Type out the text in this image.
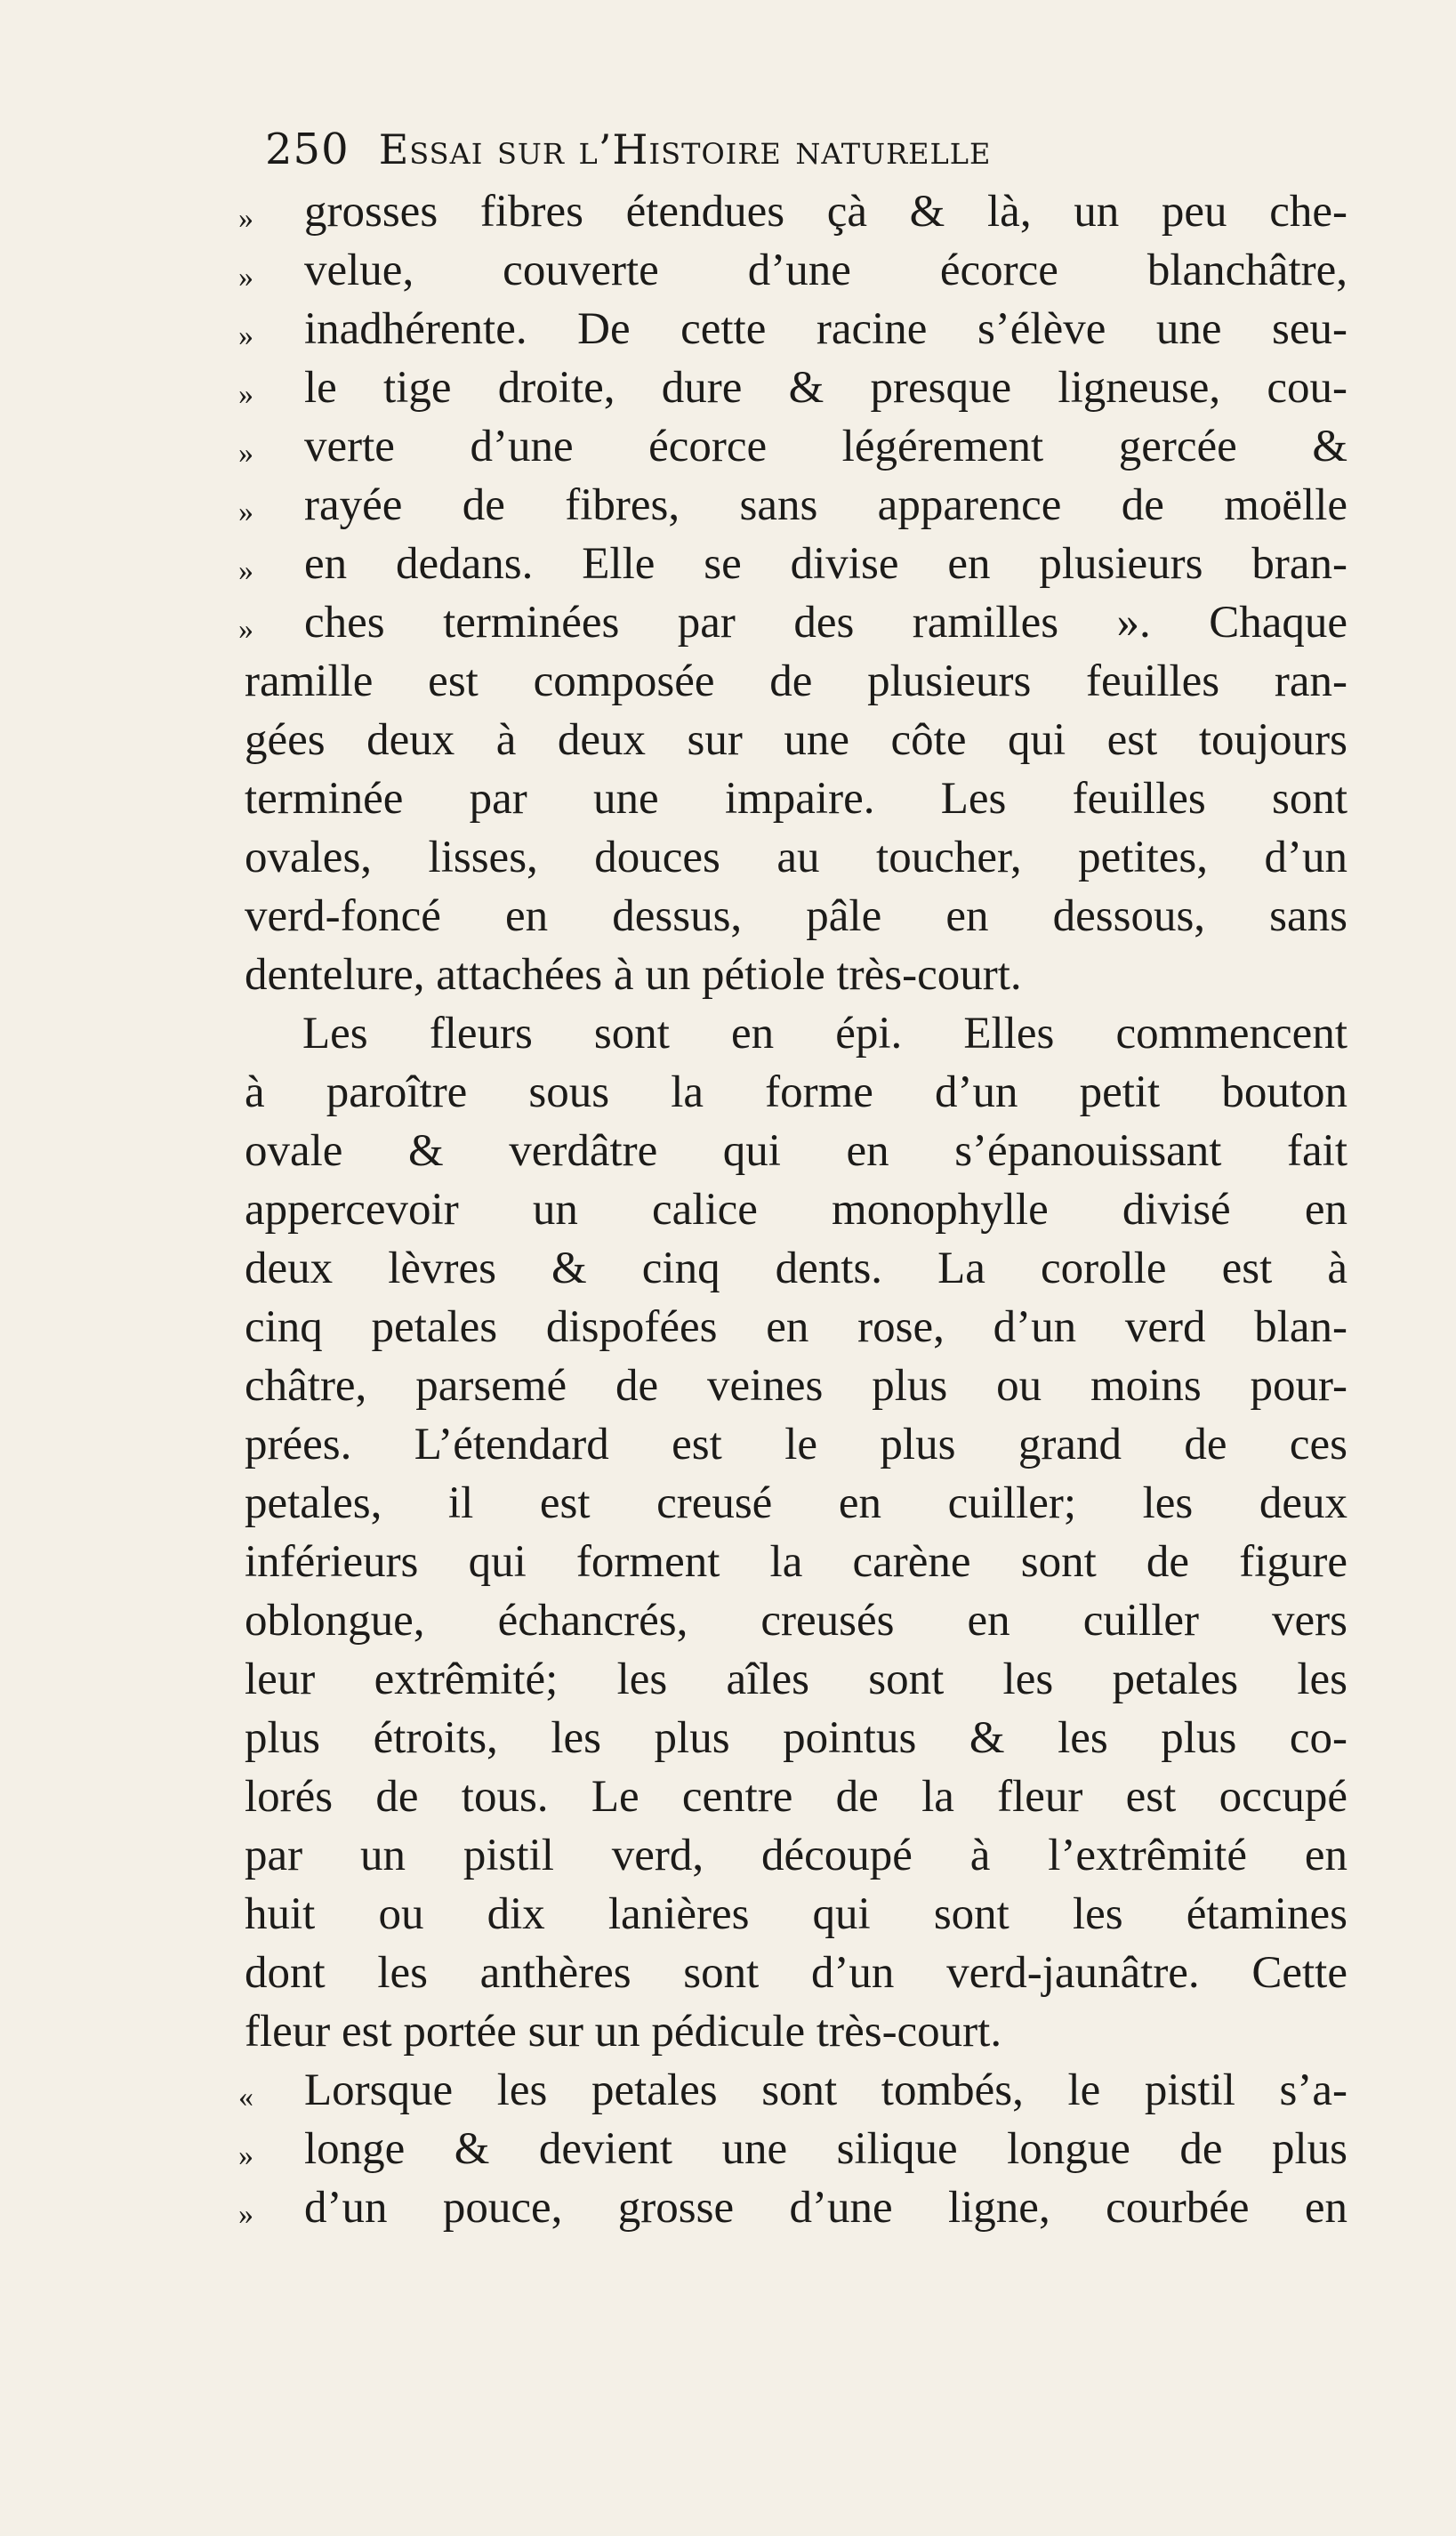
250 Essai sur l’Histoire naturelle
»	grosses fibres étendues çà & là, un peu che-
»	velue, couverte d’une écorce blanchâtre,
»	inadhérente. De cette racine s’élève une seu-
»	le tige droite, dure & presque ligneuse, cou-
»	verte d’une écorce légérement gercée &
»	rayée de fibres, sans apparence de moëlle
»	en dedans. Elle se divise en plusieurs bran-
»	ches terminées par des ramilles ». Chaque
ramille est composée de plusieurs feuilles ran-
gées deux à deux sur une côte qui est toujours
terminée par une impaire. Les feuilles sont
ovales, lisses, douces au toucher, petites, d’un
verd-foncé en dessus, pâle en dessous, sans
dentelure, attachées à un pétiole très-court.
Les fleurs sont en épi. Elles commencent
à paroître sous la forme d’un petit bouton
ovale & verdâtre qui en s’épanouissant fait
appercevoir un calice monophylle divisé en
deux lèvres & cinq dents. La corolle est à
cinq petales dispofées en rose, d’un verd blan-
châtre, parsemé de veines plus ou moins pour-
prées. L’étendard est le plus grand de ces
petales, il est creusé en cuiller; les deux
inférieurs qui forment la carène sont de figure
oblongue, échancrés, creusés en cuiller vers
leur extrêmité; les aîles sont les petales les
plus étroits, les plus pointus & les plus co-
lorés de tous. Le centre de la fleur est occupé
par un pistil verd, découpé à l’extrêmité en
huit ou dix lanières qui sont les étamines
dont les anthères sont d’un verd-jaunâtre. Cette
fleur est portée sur un pédicule très-court.
«	Lorsque les petales sont tombés, le pistil s’a-
»	longe & devient une silique longue de plus
»	d’un pouce, grosse d’une ligne, courbée en
